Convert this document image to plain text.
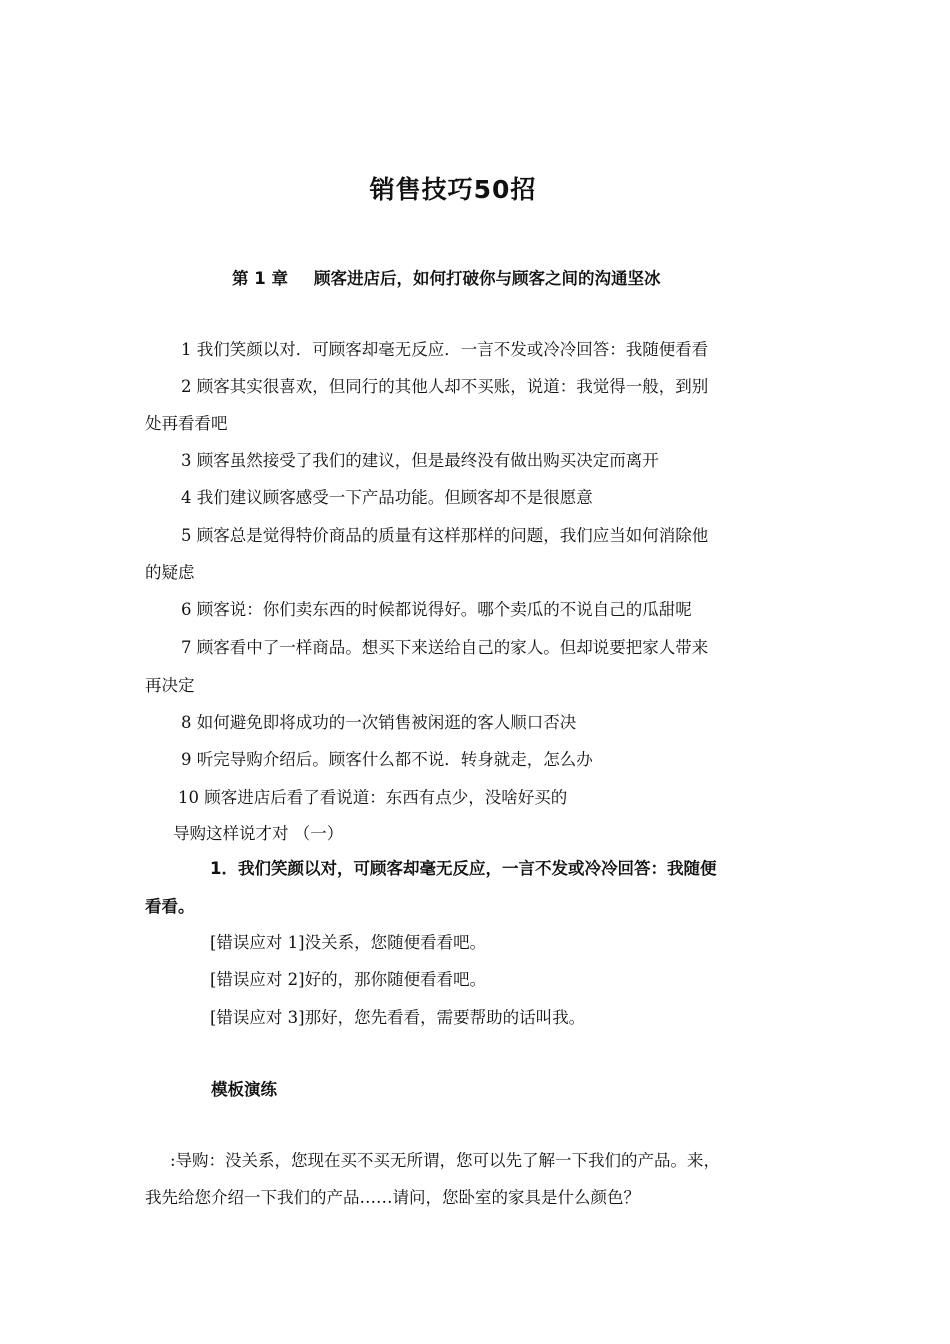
销售技巧50招
第 1 章 顾客进店后，如何打破你与顾客之间的沟通坚冰
1 我们笑颜以对．可顾客却毫无反应．一言不发或冷冷回答：我随便看看
2 顾客其实很喜欢，但同行的其他人却不买账，说道：我觉得一般，到别
处再看看吧
3 顾客虽然接受了我们的建议，但是最终没有做出购买决定而离开
4 我们建议顾客感受一下产品功能。但顾客却不是很愿意
5 顾客总是觉得特价商品的质量有这样那样的问题，我们应当如何消除他
的疑虑
6 顾客说：你们卖东西的时候都说得好。哪个卖瓜的不说自己的瓜甜呢
7 顾客看中了一样商品。想买下来送给自己的家人。但却说要把家人带来
再决定
8 如何避免即将成功的一次销售被闲逛的客人顺口否决
9 听完导购介绍后。顾客什么都不说．转身就走，怎么办
10 顾客进店后看了看说道：东西有点少，没啥好买的
导购这样说才对 （一）
1．我们笑颜以对，可顾客却毫无反应，一言不发或冷冷回答：我随便
看看。
[错误应对 1]没关系，您随便看看吧。
[错误应对 2]好的，那你随便看看吧。
[错误应对 3]那好，您先看看，需要帮助的话叫我。
模板演练
:导购：没关系，您现在买不买无所谓，您可以先了解一下我们的产品。来，
我先给您介绍一下我们的产品……请问，您卧室的家具是什么颜色？
